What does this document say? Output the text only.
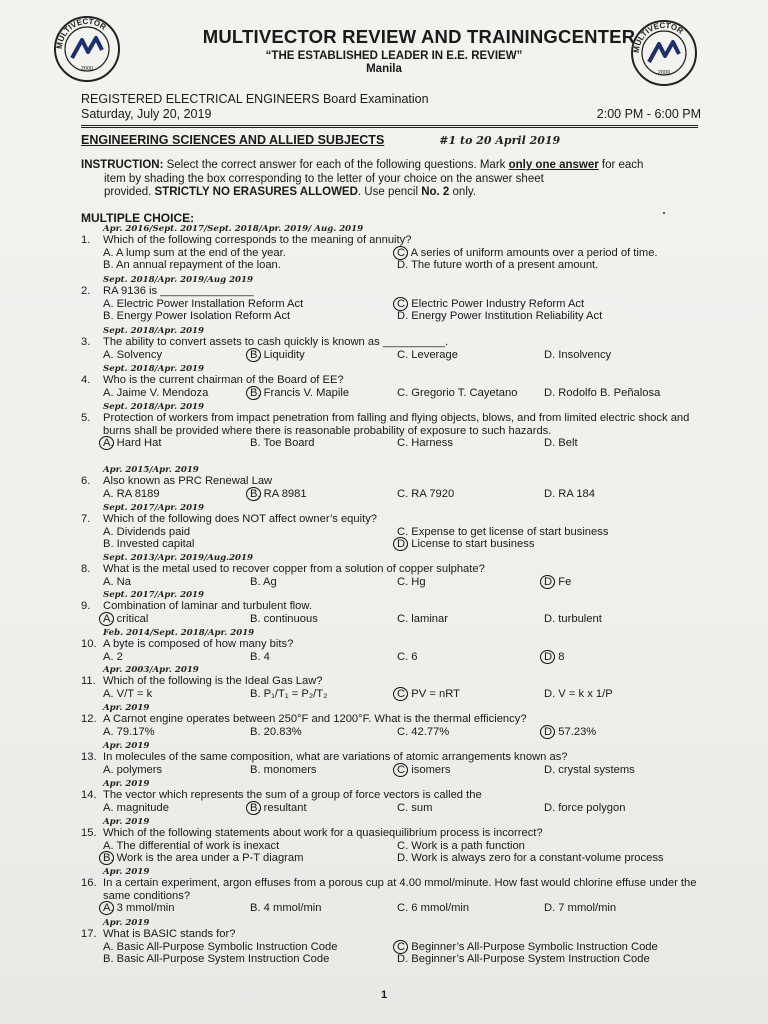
MULTIVECTOR
2000
MULTIVECTOR
2000
MULTIVECTOR REVIEW AND TRAININGCENTER
“THE ESTABLISHED LEADER IN E.E. REVIEW”
Manila
REGISTERED ELECTRICAL ENGINEERS Board Examination
Saturday, July 20, 2019	2:00 PM - 6:00 PM
ENGINEERING SCIENCES AND ALLIED SUBJECTS	#1 to 20 April 2019
INSTRUCTION: Select the correct answer for each of the following questions. Mark only one answer for each
item by shading the box corresponding to the letter of your choice on the answer sheet
provided. STRICTLY NO ERASURES ALLOWED. Use pencil No. 2 only.
MULTIPLE CHOICE:
Apr. 2016/Sept. 2017/Sept. 2018/Apr. 2019/ Aug. 2019
1.	Which of the following corresponds to the meaning of annuity?
A. A lump sum at the end of the year.	C. A series of uniform amounts over a period of time.
B. An annual repayment of the loan.	D. The future worth of a present amount.
Sept. 2018/Apr. 2019/Aug 2019
2.	RA 9136 is _______________
A. Electric Power Installation Reform Act	C. Electric Power Industry Reform Act
B. Energy Power Isolation Reform Act	D. Energy Power Institution Reliability Act
Sept. 2018/Apr. 2019
3.	The ability to convert assets to cash quickly is known as __________.
A. Solvency	B. Liquidity	C. Leverage	D. Insolvency
Sept. 2018/Apr. 2019
4.	Who is the current chairman of the Board of EE?
A. Jaime V. Mendoza	B. Francis V. Mapile	C. Gregorio T. Cayetano	D. Rodolfo B. Peñalosa
Sept. 2018/Apr. 2019
5.	Protection of workers from impact penetration from falling and flying objects, blows, and from limited electric shock and burns shall be provided where there is reasonable probability of exposure to such hazards.
A. Hard Hat	B. Toe Board	C. Harness	D. Belt
Apr. 2015/Apr. 2019
6.	Also known as PRC Renewal Law
A. RA 8189	B. RA 8981	C. RA 7920	D. RA 184
Sept. 2017/Apr. 2019
7.	Which of the following does NOT affect owner’s equity?
A. Dividends paid	C. Expense to get license of start business
B. Invested capital	D. License to start business
Sept. 2013/Apr. 2019/Aug.2019
8.	What is the metal used to recover copper from a solution of copper sulphate?
A. Na	B. Ag	C. Hg	D. Fe
Sept. 2017/Apr. 2019
9.	Combination of laminar and turbulent flow.
A. critical	B. continuous	C. laminar	D. turbulent
Feb. 2014/Sept. 2018/Apr. 2019
10. A byte is composed of how many bits?
A. 2	B. 4	C. 6	D. 8
Apr. 2003/Apr. 2019
11. Which of the following is the Ideal Gas Law?
A. V/T = k	B. P₁/T₁ = P₂/T₂	C. PV = nRT	D. V = k x 1/P
Apr. 2019
12. A Carnot engine operates between 250°F and 1200°F. What is the thermal efficiency?
A. 79.17%	B. 20.83%	C. 42.77%	D. 57.23%
Apr. 2019
13. In molecules of the same composition, what are variations of atomic arrangements known as?
A. polymers	B. monomers	C. isomers	D. crystal systems
Apr. 2019
14. The vector which represents the sum of a group of force vectors is called the
A. magnitude	B. resultant	C. sum	D. force polygon
Apr. 2019
15. Which of the following statements about work for a quasiequilibrium process is incorrect?
A. The differential of work is inexact	C. Work is a path function
B. Work is the area under a P-T diagram	D. Work is always zero for a constant-volume process
Apr. 2019
16. In a certain experiment, argon effuses from a porous cup at 4.00 mmol/minute. How fast would chlorine effuse under the same conditions?
A. 3 mmol/min	B. 4 mmol/min	C. 6 mmol/min	D. 7 mmol/min
Apr. 2019
17. What is BASIC stands for?
A. Basic All-Purpose Symbolic Instruction Code	C. Beginner’s All-Purpose Symbolic Instruction Code
B. Basic All-Purpose System Instruction Code	D. Beginner’s All-Purpose System Instruction Code
1
